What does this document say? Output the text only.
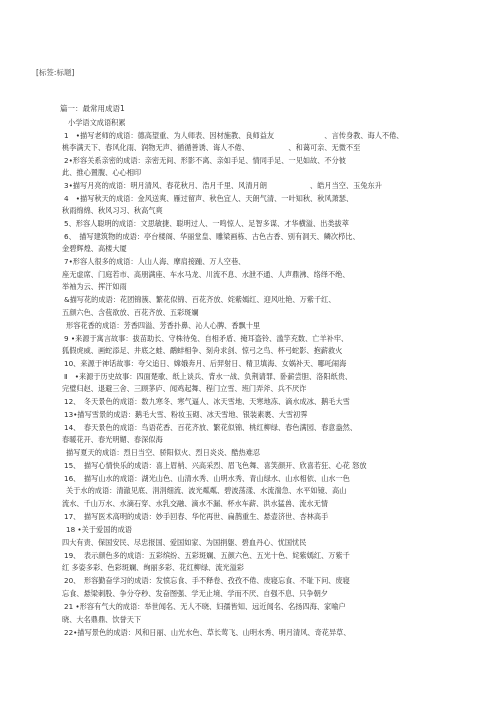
[标签:标题]
篇一：最常用成语1
小学语文成语积累
1　•描写老师的成语：德高望重、为人师表、因材施教、良师益友　　　　　　　、言传身教、诲人不倦、
桃李满天下、春风化雨、润物无声、循循善诱、诲人不倦、　　　　　　、和蔼可亲、无微不至
2•形容关系亲密的成语：亲密无间、形影不离、亲如手足、情同手足、一见如故、不分彼
此、推心置腹、心心相印
3•描写月亮的成语：明月清风、春花秋月、浩月千里、风清月朗　　　　　　、皓月当空、玉兔东升
4　•描写秋天的成语：金风送爽、雁过留声、秋色宜人、天朗气清、一叶知秋、秋风萧瑟、
秋雨绵绵、秋风习习、秋高气爽
5、形容人聪明的成语：文思敏捷、聪明过人、一鸣惊人、足智多谋、才华横溢、出类拔萃
6、　描写建筑物的成语：亭台楼阁、华丽堂皇、雕梁画栋、古色古香、别有洞天、鳞次栉比、
金碧辉煌、高楼大厦
7•形容人很多的成语：人山人海、摩肩接踵、万人空巷、
座无虚席、门庭若市、高朋满座、车水马龙、川流不息、水泄不通、人声鼎沸、络绎不绝、
举袖为云、挥汗如雨
&描写花的成语：花团锦簇、繁花似锦、百花齐放、姹紫嫣红、迎风吐艳、万紫千红、
五颜六色、含苞欲放、百花齐放、五彩斑斓
形容花香的成语：芳香四溢、芳香扑鼻、沁人心脾、香飘十里
9 •来源于寓言故事：拔苗助长、守株待兔、自相矛盾、掩耳盗铃、滥竽充数、亡羊补牢、
狐假虎威、画蛇添足、井底之蛙、鹬蚌相争、刻舟求剑、惊弓之鸟、杯弓蛇影、抱薪救火
10、来源于神话故事：夸父追日、嫦娥奔月、后羿射日、精卫填海、女娲补天、哪吒闹海
Ⅱ　•来源于历史故事：四面楚歌、纸上谈兵、背水一战、负荆请罪、卧薪尝胆、洛阳纸贵、
完璧归赵、退避三舍、三顾茅庐、闻鸡起舞、程门立雪、班门弄斧、兵不厌诈
12、　冬天景色的成语：数九寒冬、寒气逼人、冰天雪地、天寒地冻、滴水成冰、鹅毛大雪
13•描写雪景的成语：鹅毛大雪、粉妆玉砌、冰天雪地、银装素裹、大雪初霁
14、　春天景色的成语：鸟语花香、百花齐放、繁花似锦、桃红柳绿、春色满园、春意盎然、
春暖花开、春光明媚、春深似海
描写夏天的成语：烈日当空、骄阳似火、烈日炎炎、酷热难忍
15、　描写心情快乐的成语：喜上眉梢、兴高采烈、眉飞色舞、喜笑颜开、欣喜若狂、心花 怒放
16、　描写山水的成语：湖光山色、山清水秀、山明水秀、青山绿水、山水相依、山水一色
关于水的成语：清澈见底、涓涓细流、波光粼粼、碧波荡漾、水流湍急、水平如镜、高山
流水、千山万水、水滴石穿、水乳交融、滴水不漏、杯水车薪、洪水猛兽、流水无情
17、　描写医术高明的成语：妙手回春、华佗再世、扁鹊重生、悬壶济世、杏林高手
18 •关于爱国的成语
四大有责、保国安民、尽忠报国、爱国如家、为国捐躯、碧血丹心、忧国忧民
19、　表示颜色多的成语：五彩缤纷、五彩斑斓、五颜六色、五光十色、姹紫嫣红、万紫千
红 多姿多彩、色彩斑斓、绚丽多彩、花红柳绿、流光溢彩
20、　形容勤奋学习的成语：发愤忘食、手不释卷、孜孜不倦、废寝忘食、不耻下问、废寝
忘食、悬梁刺股、争分夺秒、发奋图强、学无止境、学而不厌、自强不息、只争朝夕
21 •形容有气大的成语：举世闻名、无人不晓、妇孺皆知、远近闻名、名扬四海、家喻户
晓、大名鼎鼎、饮誉天下
22•描写景色的成语：风和日丽、山光水色、草长莺飞、山明水秀、明月清风、奇花异草、
